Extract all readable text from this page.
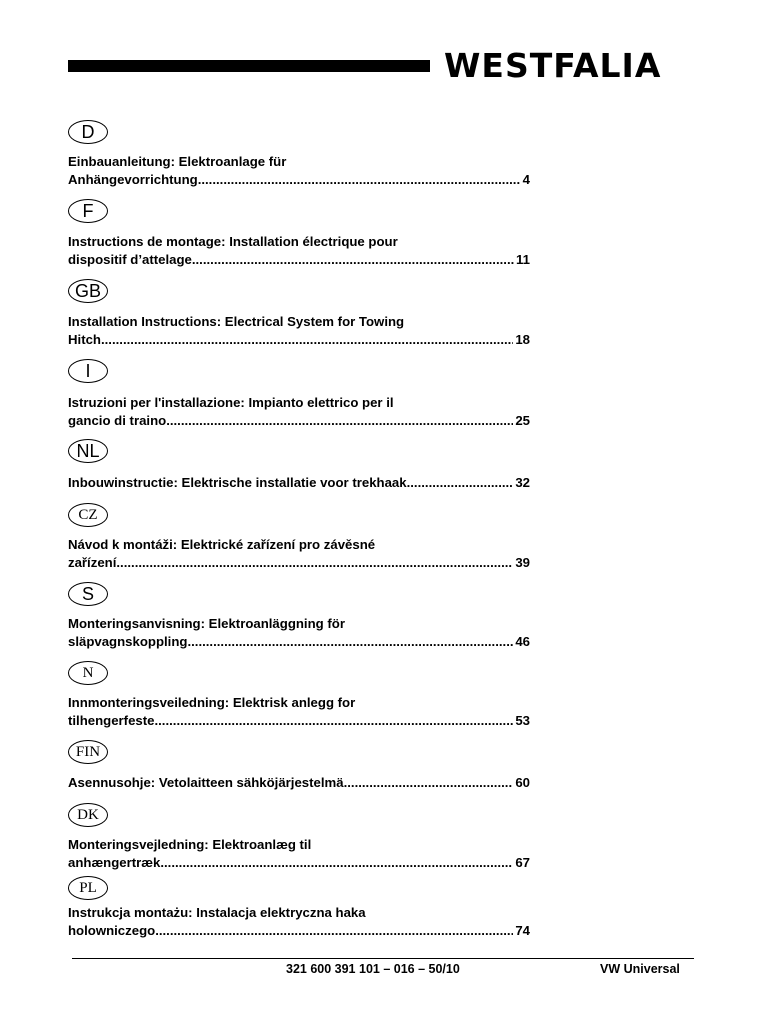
WESTFALIA
D
Einbauanleitung: Elektroanlage für
Anhängevorrichtung .....	4
F
Instructions de montage: Installation électrique pour
dispositif d’attelage .....	11
GB
Installation Instructions: Electrical System for Towing
Hitch .....	18
I
Istruzioni per l'installazione: Impianto elettrico per il
gancio di traino .....	25
NL
Inbouwinstructie: Elektrische installatie voor trekhaak .....	32
CZ
Návod k montáži: Elektrické zařízení pro závěsné
zařízení .....	39
S
Monteringsanvisning: Elektroanläggning för
släpvagnskoppling .....	46
N
Innmonteringsveiledning: Elektrisk anlegg for
tilhengerfeste .....	53
FIN
Asennusohje: Vetolaitteen sähköjärjestelmä .....	60
DK
Monteringsvejledning: Elektroanlæg til
anhængertræk .....	67
PL
Instrukcja montażu: Instalacja elektryczna haka
holowniczego .....	74
321 600 391 101 – 016 – 50/10	VW Universal
